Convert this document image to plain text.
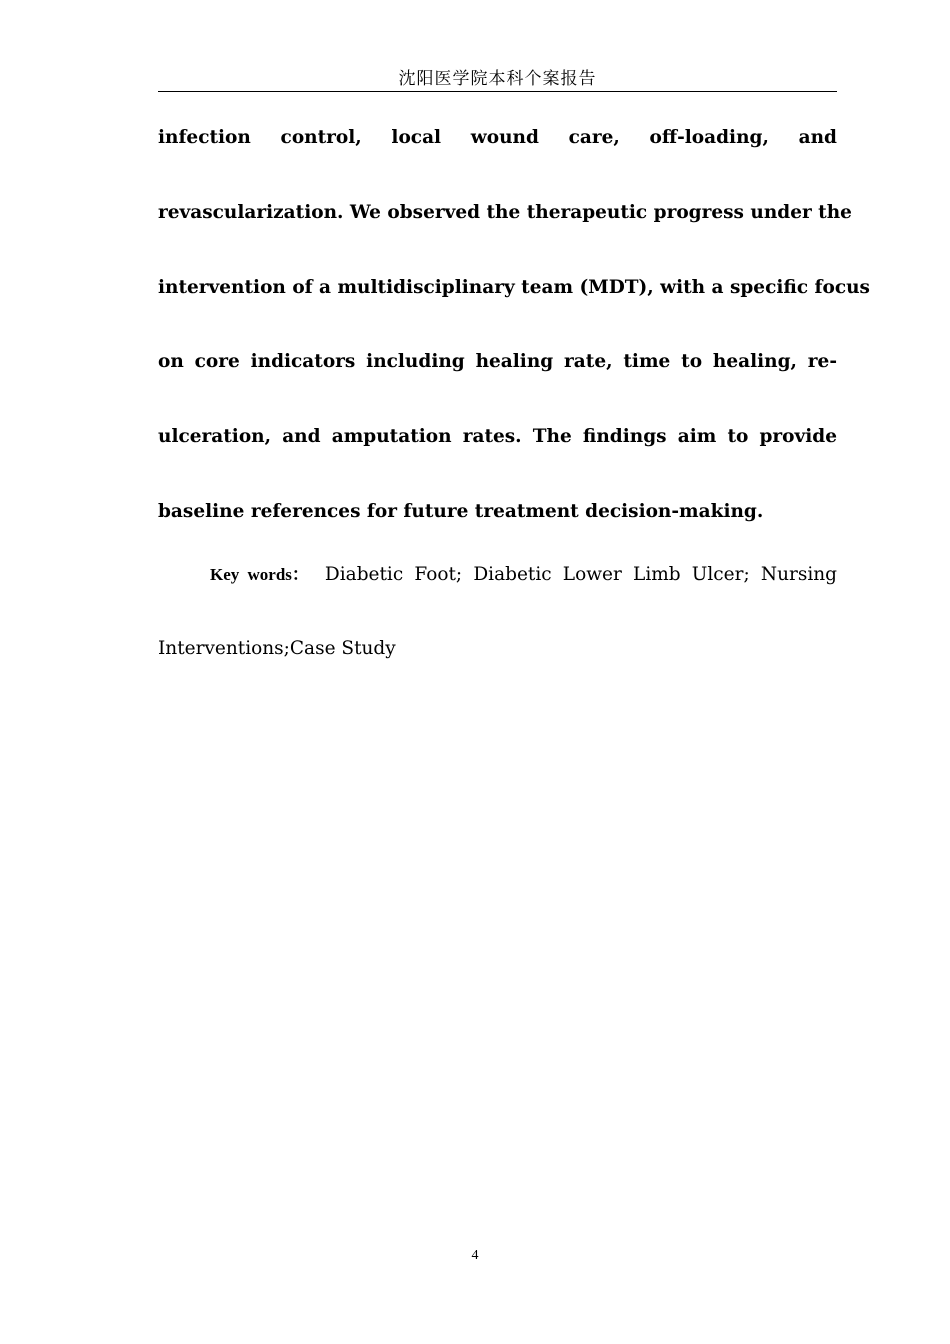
沈阳医学院本科个案报告
infection control, local wound care, off-loading, and
revascularization. We observed the therapeutic progress under the
intervention of a multidisciplinary team (MDT), with a specific focus
on core indicators including healing rate, time to healing, re-
ulceration, and amputation rates. The findings aim to provide
baseline references for future treatment decision-making.
Key words： Diabetic Foot; Diabetic Lower Limb Ulcer; Nursing
Interventions;Case Study
4
